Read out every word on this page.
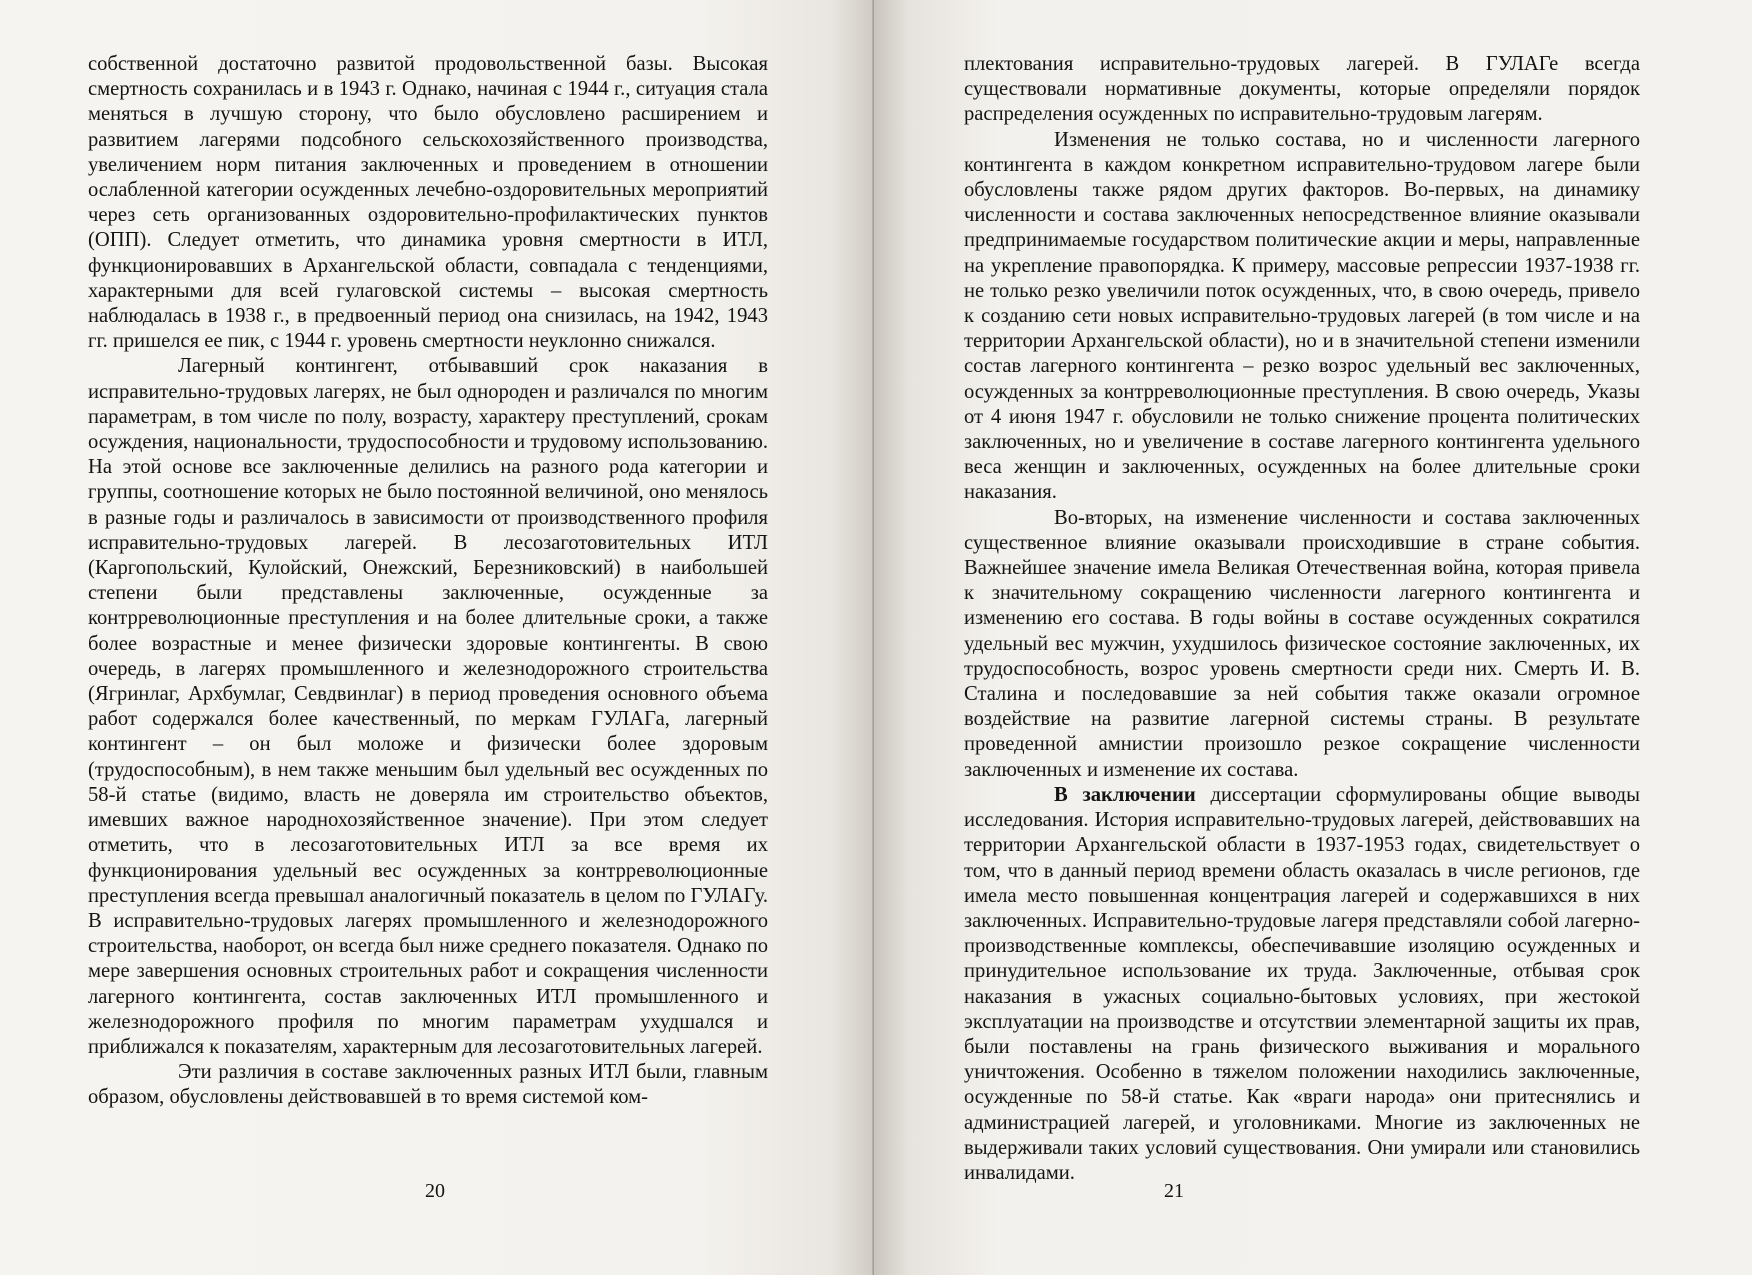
собственной достаточно развитой продовольственной базы. Высокая смертность сохранилась и в 1943 г. Однако, начиная с 1944 г., ситуация стала меняться в лучшую сторону, что было обусловлено расширением и развитием лагерями подсобного сельскохозяйственного производства, увеличением норм питания заключенных и проведением в отношении ослабленной категории осужденных лечебно-оздоровительных мероприятий через сеть организованных оздоровительно-профилактических пунктов (ОПП). Следует отметить, что динамика уровня смертности в ИТЛ, функционировавших в Архангельской области, совпадала с тенденциями, характерными для всей гулаговской системы – высокая смертность наблюдалась в 1938 г., в предвоенный период она снизилась, на 1942, 1943 гг. пришелся ее пик, с 1944 г. уровень смертности неуклонно снижался.

Лагерный контингент, отбывавший срок наказания в исправительно-трудовых лагерях, не был однороден и различался по многим параметрам, в том числе по полу, возрасту, характеру преступлений, срокам осуждения, национальности, трудоспособности и трудовому использованию. На этой основе все заключенные делились на разного рода категории и группы, соотношение которых не было постоянной величиной, оно менялось в разные годы и различалось в зависимости от производственного профиля исправительно-трудовых лагерей. В лесозаготовительных ИТЛ (Каргопольский, Кулойский, Онежский, Березниковский) в наибольшей степени были представлены заключенные, осужденные за контрреволюционные преступления и на более длительные сроки, а также более возрастные и менее физически здоровые контингенты. В свою очередь, в лагерях промышленного и железнодорожного строительства (Ягринлаг, Архбумлаг, Севдвинлаг) в период проведения основного объема работ содержался более качественный, по меркам ГУЛАГа, лагерный контингент – он был моложе и физически более здоровым (трудоспособным), в нем также меньшим был удельный вес осужденных по 58-й статье (видимо, власть не доверяла им строительство объектов, имевших важное народнохозяйственное значение). При этом следует отметить, что в лесозаготовительных ИТЛ за все время их функционирования удельный вес осужденных за контрреволюционные преступления всегда превышал аналогичный показатель в целом по ГУЛАГу. В исправительно-трудовых лагерях промышленного и железнодорожного строительства, наоборот, он всегда был ниже среднего показателя. Однако по мере завершения основных строительных работ и сокращения численности лагерного контингента, состав заключенных ИТЛ промышленного и железнодорожного профиля по многим параметрам ухудшался и приближался к показателям, характерным для лесозаготовительных лагерей.

Эти различия в составе заключенных разных ИТЛ были, главным образом, обусловлены действовавшей в то время системой ком-

20

плектования исправительно-трудовых лагерей. В ГУЛАГе всегда существовали нормативные документы, которые определяли порядок распределения осужденных по исправительно-трудовым лагерям.

Изменения не только состава, но и численности лагерного контингента в каждом конкретном исправительно-трудовом лагере были обусловлены также рядом других факторов. Во-первых, на динамику численности и состава заключенных непосредственное влияние оказывали предпринимаемые государством политические акции и меры, направленные на укрепление правопорядка. К примеру, массовые репрессии 1937-1938 гг. не только резко увеличили поток осужденных, что, в свою очередь, привело к созданию сети новых исправительно-трудовых лагерей (в том числе и на территории Архангельской области), но и в значительной степени изменили состав лагерного контингента – резко возрос удельный вес заключенных, осужденных за контрреволюционные преступления. В свою очередь, Указы от 4 июня 1947 г. обусловили не только снижение процента политических заключенных, но и увеличение в составе лагерного контингента удельного веса женщин и заключенных, осужденных на более длительные сроки наказания.

Во-вторых, на изменение численности и состава заключенных существенное влияние оказывали происходившие в стране события. Важнейшее значение имела Великая Отечественная война, которая привела к значительному сокращению численности лагерного контингента и изменению его состава. В годы войны в составе осужденных сократился удельный вес мужчин, ухудшилось физическое состояние заключенных, их трудоспособность, возрос уровень смертности среди них. Смерть И. В. Сталина и последовавшие за ней события также оказали огромное воздействие на развитие лагерной системы страны. В результате проведенной амнистии произошло резкое сокращение численности заключенных и изменение их состава.

В заключении диссертации сформулированы общие выводы исследования. История исправительно-трудовых лагерей, действовавших на территории Архангельской области в 1937-1953 годах, свидетельствует о том, что в данный период времени область оказалась в числе регионов, где имела место повышенная концентрация лагерей и содержавшихся в них заключенных. Исправительно-трудовые лагеря представляли собой лагерно-производственные комплексы, обеспечивавшие изоляцию осужденных и принудительное использование их труда. Заключенные, отбывая срок наказания в ужасных социально-бытовых условиях, при жестокой эксплуатации на производстве и отсутствии элементарной защиты их прав, были поставлены на грань физического выживания и морального уничтожения. Особенно в тяжелом положении находились заключенные, осужденные по 58-й статье. Как «враги народа» они притеснялись и администрацией лагерей, и уголовниками. Многие из заключенных не выдерживали таких условий существования. Они умирали или становились инвалидами.

21
